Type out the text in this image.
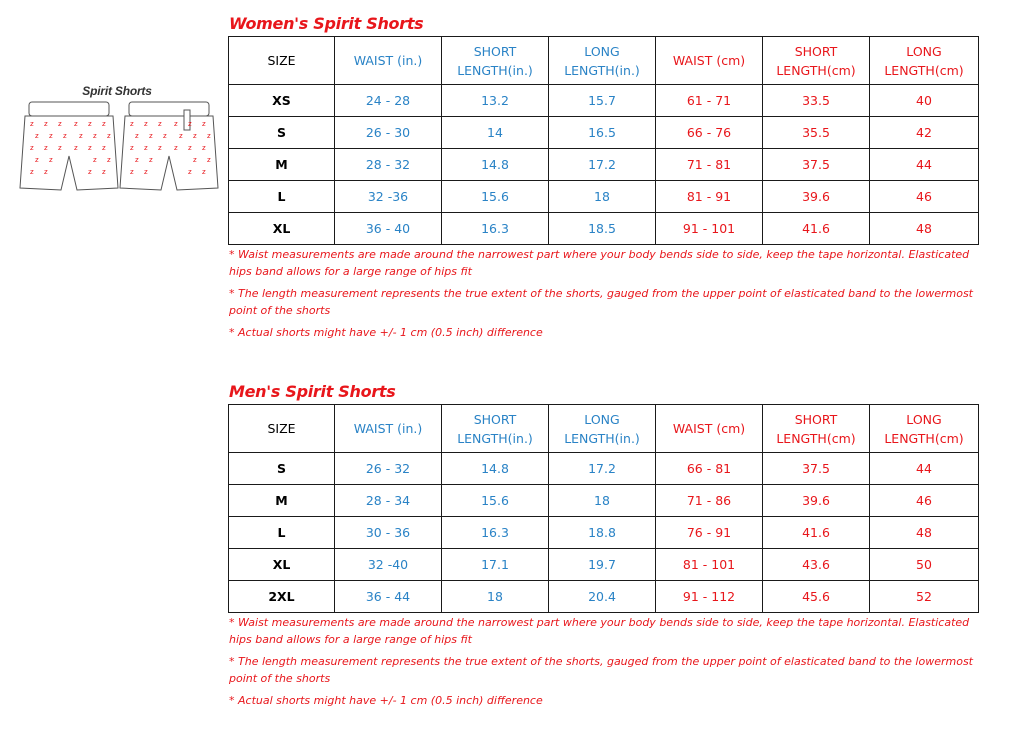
Spirit Shorts
z z z z z z
z z z z z z
z z z z z z
z z	z z
z z	z z
z z z z z z
z z z z z z
z z z z z z
z z	z z
z z	z z
Women's Spirit Shorts
SIZE	WAIST (in.)	SHORT LENGTH(in.)	LONG LENGTH(in.)	WAIST (cm)	SHORT LENGTH(cm)	LONG LENGTH(cm)
XS	24 - 28	13.2	15.7	61 - 71	33.5	40
S	26 - 30	14	16.5	66 - 76	35.5	42
M	28 - 32	14.8	17.2	71 - 81	37.5	44
L	32 -36	15.6	18	81 - 91	39.6	46
XL	36 - 40	16.3	18.5	91 - 101	41.6	48

* Waist measurements are made around the narrowest part where your body bends side to side, keep the tape horizontal. Elasticated hips band allows for a large range of hips fit

* The length measurement represents the true extent of the shorts, gauged from the upper point of elasticated band to the lowermost point of the shorts

* Actual shorts might have +/- 1 cm (0.5 inch) difference

Men's Spirit Shorts
SIZE	WAIST (in.)	SHORT LENGTH(in.)	LONG LENGTH(in.)	WAIST (cm)	SHORT LENGTH(cm)	LONG LENGTH(cm)
S	26 - 32	14.8	17.2	66 - 81	37.5	44
M	28 - 34	15.6	18	71 - 86	39.6	46
L	30 - 36	16.3	18.8	76 - 91	41.6	48
XL	32 -40	17.1	19.7	81 - 101	43.6	50
2XL	36 - 44	18	20.4	91 - 112	45.6	52

* Waist measurements are made around the narrowest part where your body bends side to side, keep the tape horizontal. Elasticated hips band allows for a large range of hips fit

* The length measurement represents the true extent of the shorts, gauged from the upper point of elasticated band to the lowermost point of the shorts

* Actual shorts might have +/- 1 cm (0.5 inch) difference
